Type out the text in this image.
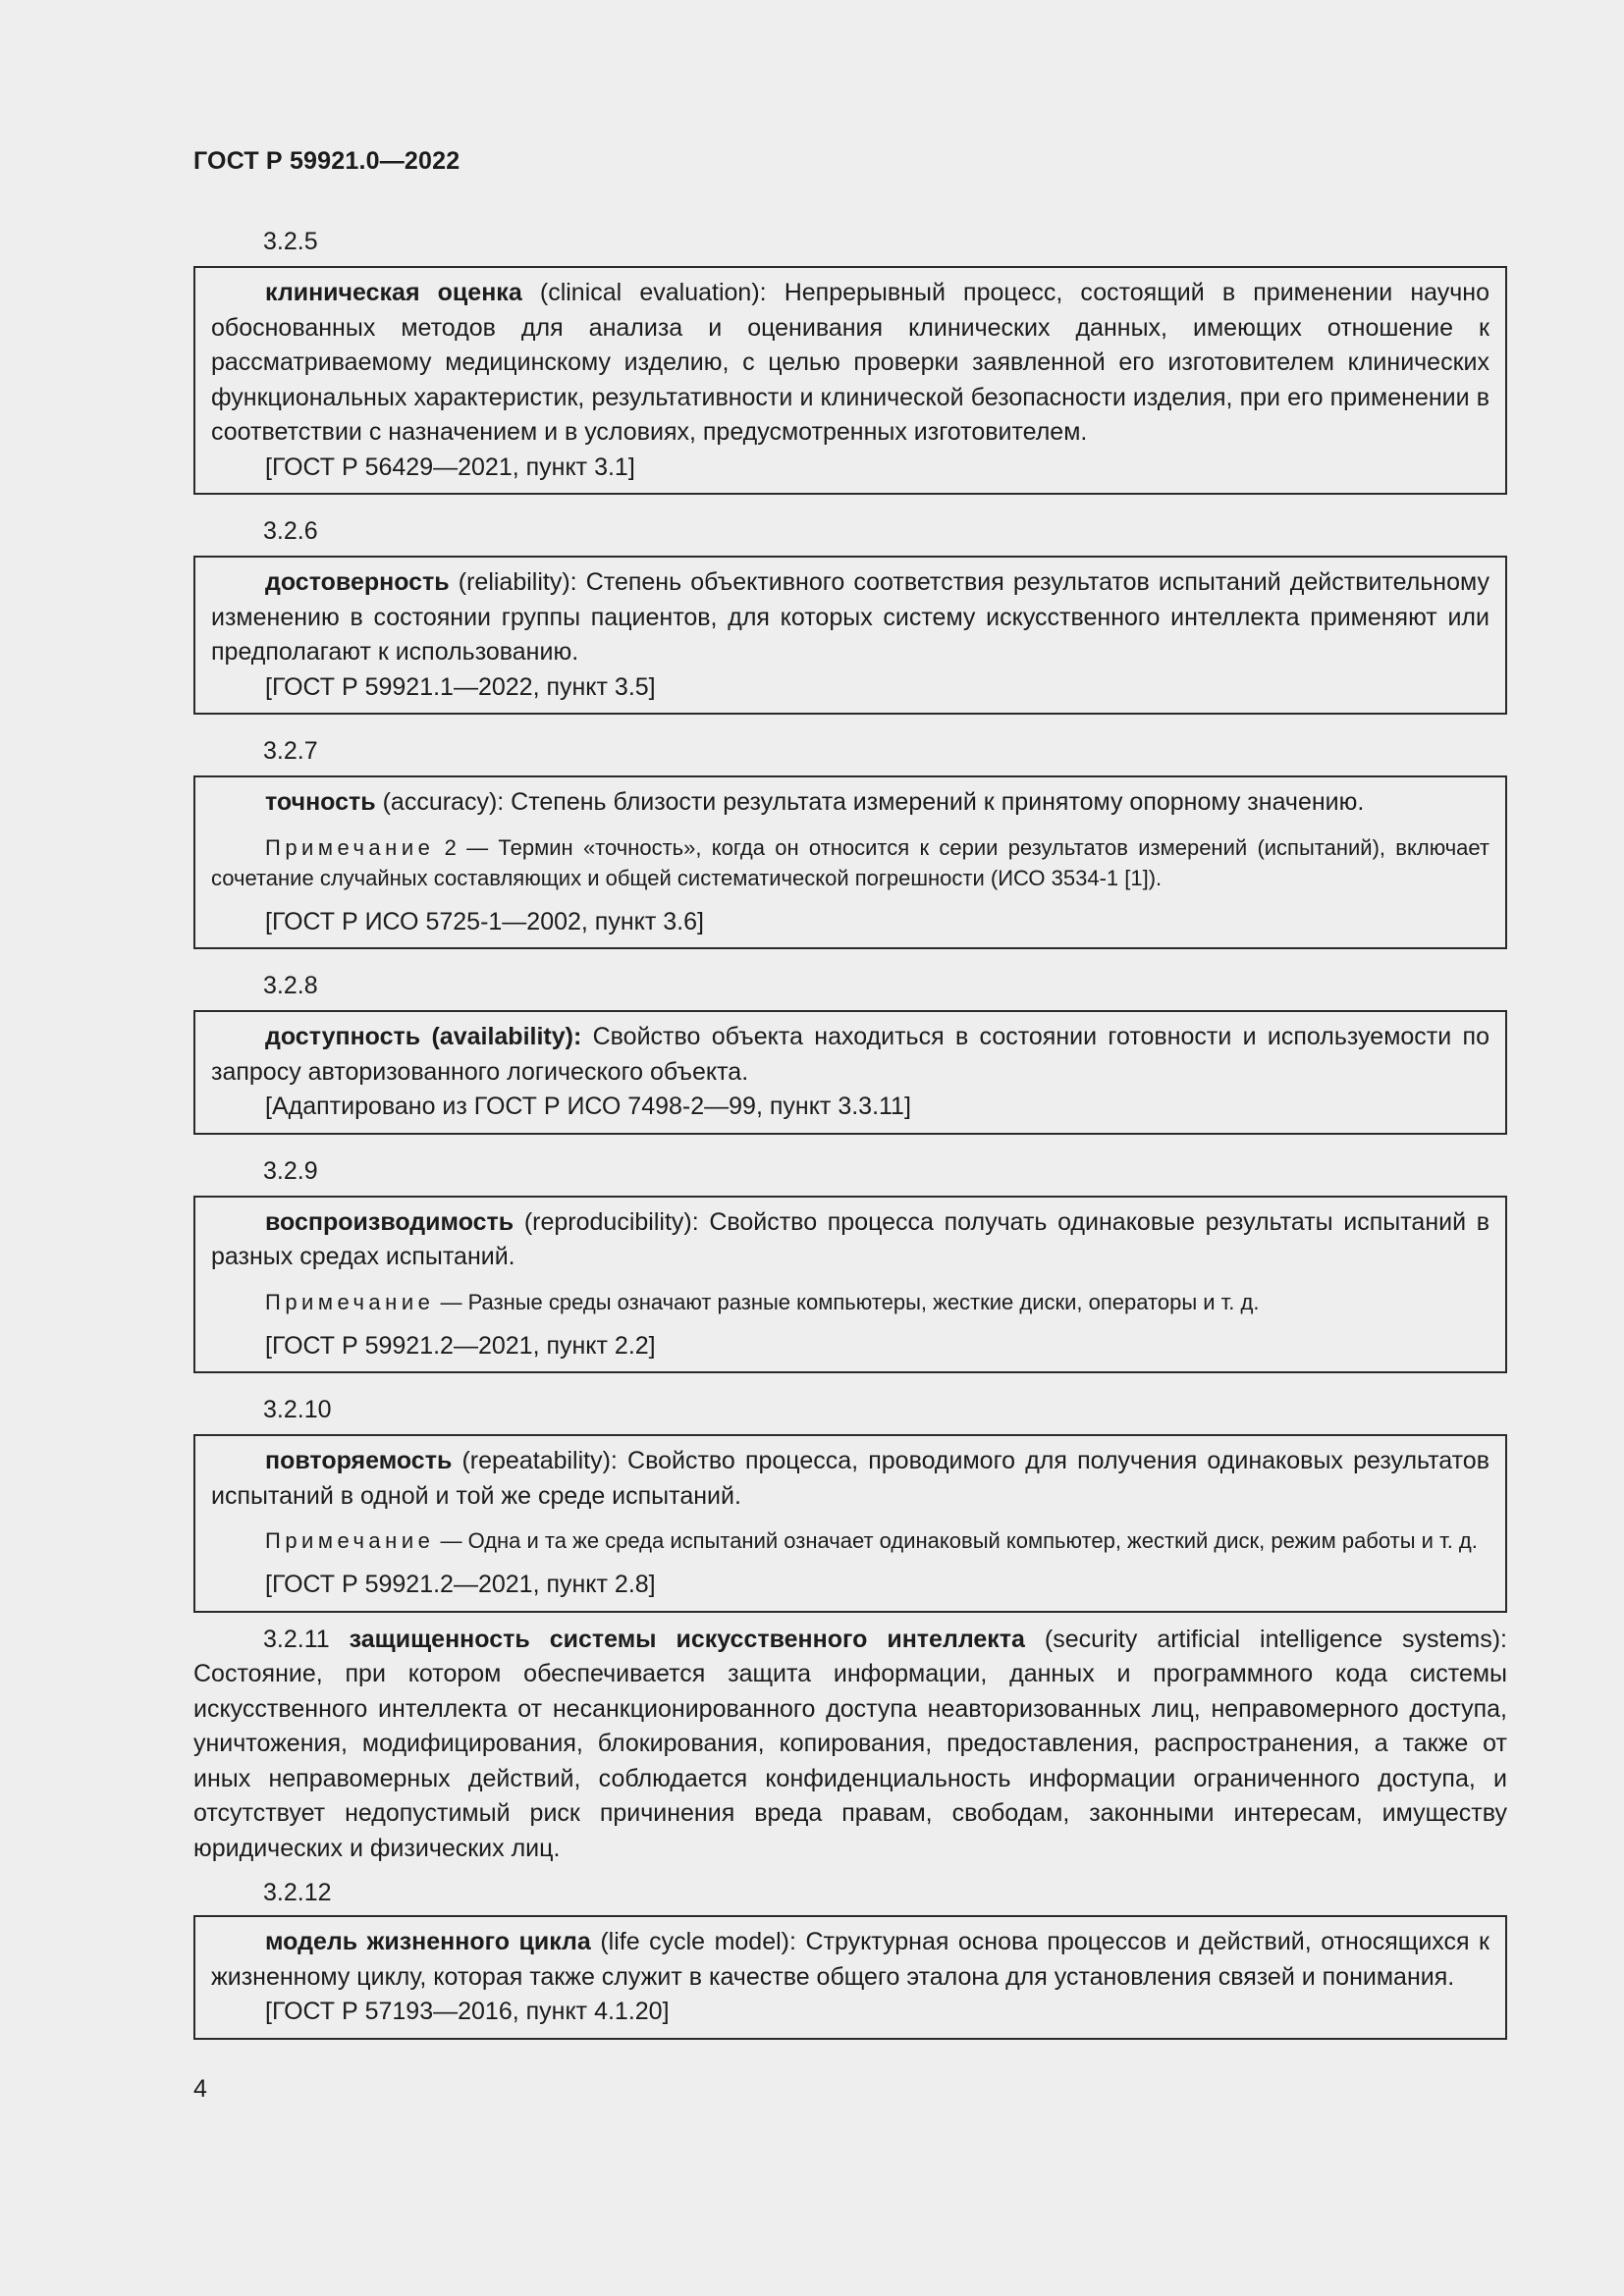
ГОСТ Р 59921.0—2022
3.2.5

клиническая оценка (clinical evaluation): Непрерывный процесс, состоящий в применении научно обоснованных методов для анализа и оценивания клинических данных, имеющих отношение к рассматриваемому медицинскому изделию, с целью проверки заявленной его изготовителем клинических функциональных характеристик, результативности и клинической безопасности изделия, при его применении в соответствии с назначением и в условиях, предусмотренных изготовителем.

[ГОСТ Р 56429—2021, пункт 3.1]

3.2.6

достоверность (reliability): Степень объективного соответствия результатов испытаний действительному изменению в состоянии группы пациентов, для которых систему искусственного интеллекта применяют или предполагают к использованию.

[ГОСТ Р 59921.1—2022, пункт 3.5]

3.2.7

точность (accuracy): Степень близости результата измерений к принятому опорному значению.

Примечание 2 — Термин «точность», когда он относится к серии результатов измерений (испытаний), включает сочетание случайных составляющих и общей систематической погрешности (ИСО 3534-1 [1]).

[ГОСТ Р ИСО 5725-1—2002, пункт 3.6]

3.2.8

доступность (availability): Свойство объекта находиться в состоянии готовности и используемости по запросу авторизованного логического объекта.

[Адаптировано из ГОСТ Р ИСО 7498-2—99, пункт 3.3.11]

3.2.9

воспроизводимость (reproducibility): Свойство процесса получать одинаковые результаты испытаний в разных средах испытаний.

Примечание — Разные среды означают разные компьютеры, жесткие диски, операторы и т. д.

[ГОСТ Р 59921.2—2021, пункт 2.2]

3.2.10

повторяемость (repeatability): Свойство процесса, проводимого для получения одинаковых результатов испытаний в одной и той же среде испытаний.

Примечание — Одна и та же среда испытаний означает одинаковый компьютер, жесткий диск, режим работы и т. д.

[ГОСТ Р 59921.2—2021, пункт 2.8]

3.2.11 защищенность системы искусственного интеллекта (security artificial intelligence systems): Состояние, при котором обеспечивается защита информации, данных и программного кода системы искусственного интеллекта от несанкционированного доступа неавторизованных лиц, неправомерного доступа, уничтожения, модифицирования, блокирования, копирования, предоставления, распространения, а также от иных неправомерных действий, соблюдается конфиденциальность информации ограниченного доступа, и отсутствует недопустимый риск причинения вреда правам, свободам, законными интересам, имуществу юридических и физических лиц.

3.2.12

модель жизненного цикла (life cycle model): Структурная основа процессов и действий, относящихся к жизненному циклу, которая также служит в качестве общего эталона для установления связей и понимания.

[ГОСТ Р 57193—2016, пункт 4.1.20]

4
